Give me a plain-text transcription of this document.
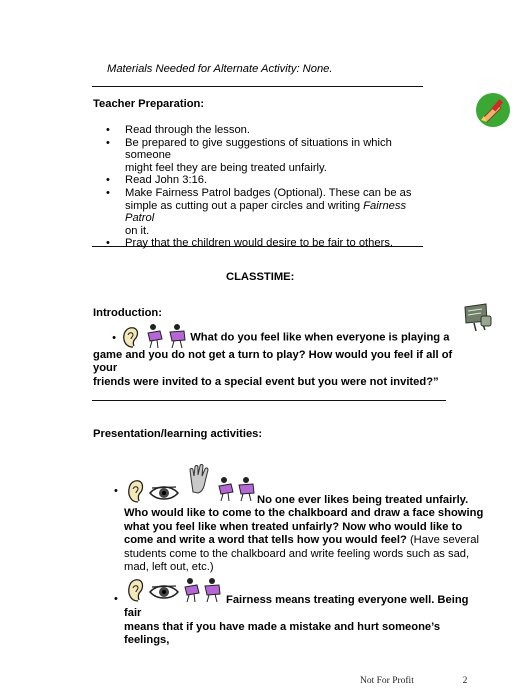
Materials Needed for Alternate Activity: None.
Teacher Preparation:
• Read through the lesson.
• Be prepared to give suggestions of situations in which someone
might feel they are being treated unfairly.
• Read John 3:16.
• Make Fairness Patrol badges (Optional). These can be as
simple as cutting out a paper circles and writing Fairness Patrol
on it.
• Pray that the children would desire to be fair to others.
CLASSTIME:
Introduction:
•	What do you feel like when everyone is playing a
game and you do not get a turn to play? How would you feel if all of your
friends were invited to a special event but you were not invited?”
Presentation/learning activities:
•
No one ever likes being treated unfairly.
Who would like to come to the chalkboard and draw a face showing
what you feel like when treated unfairly? Now who would like to
come and write a word that tells how you would feel? (Have several
students come to the chalkboard and write feeling words such as sad,
mad, left out, etc.)
•	Fairness means treating everyone well. Being fair
means that if you have made a mistake and hurt someone’s feelings,
Not For Profit	2
